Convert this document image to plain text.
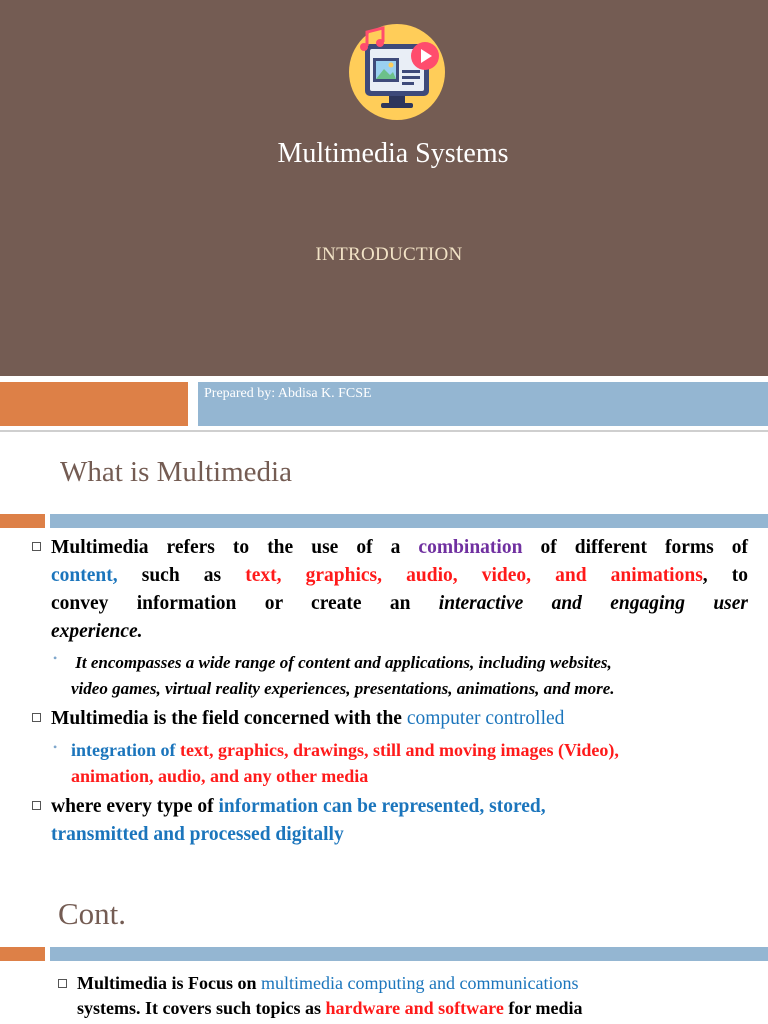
Multimedia Systems
INTRODUCTION
Prepared by: Abdisa K. FCSE
What is Multimedia
Multimedia refers to the use of a combination of different forms of
content, such as text, graphics, audio, video, and animations, to
convey information or create an interactive and engaging user
experience.
• It encompasses a wide range of content and applications, including websites,
video games, virtual reality experiences, presentations, animations, and more.
Multimedia is the field concerned with the computer controlled
• integration of text, graphics, drawings, still and moving images (Video),
animation, audio, and any other media
where every type of information can be represented, stored,
transmitted and processed digitally
Cont.
Multimedia is Focus on multimedia computing and communications
systems. It covers such topics as hardware and software for media
